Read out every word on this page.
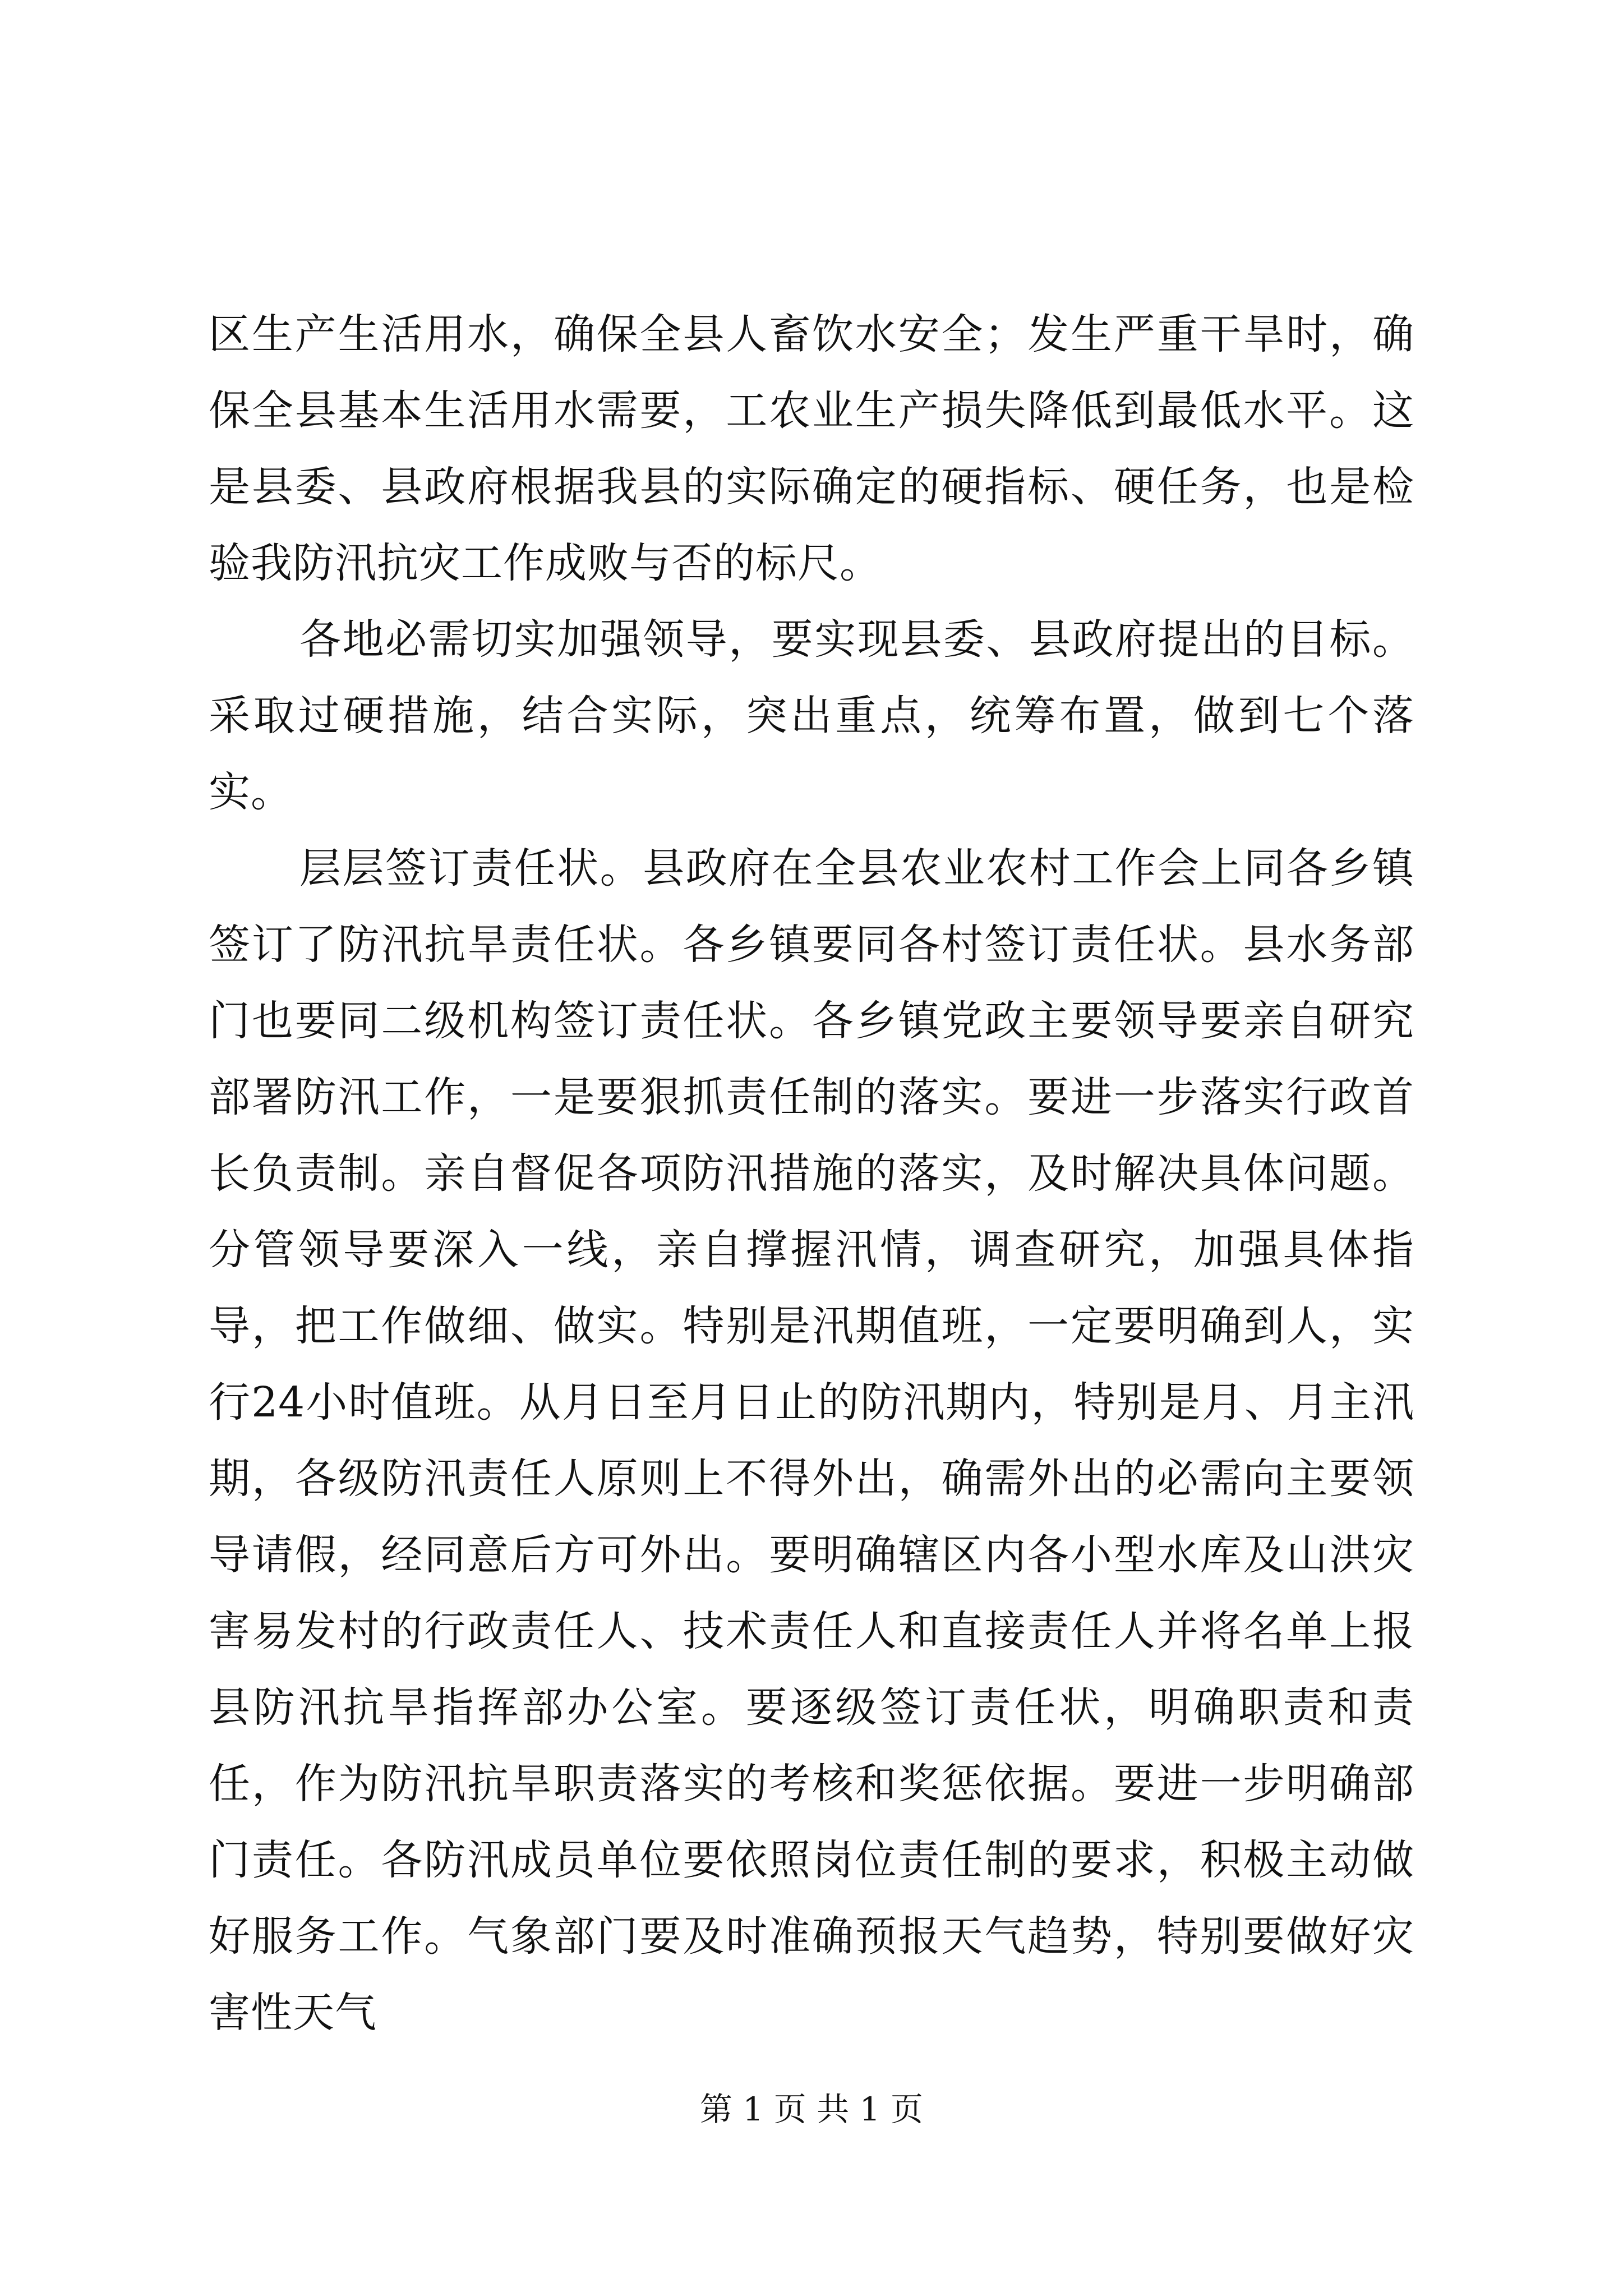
区生产生活用水，确保全县人畜饮水安全；发生严重干旱时，确保全县基本生活用水需要，工农业生产损失降低到最低水平。这是县委、县政府根据我县的实际确定的硬指标、硬任务，也是检验我防汛抗灾工作成败与否的标尺。

各地必需切实加强领导，要实现县委、县政府提出的目标。采取过硬措施，结合实际，突出重点，统筹布置，做到七个落实。

层层签订责任状。县政府在全县农业农村工作会上同各乡镇签订了防汛抗旱责任状。各乡镇要同各村签订责任状。县水务部门也要同二级机构签订责任状。各乡镇党政主要领导要亲自研究部署防汛工作，一是要狠抓责任制的落实。要进一步落实行政首长负责制。亲自督促各项防汛措施的落实，及时解决具体问题。分管领导要深入一线，亲自撑握汛情，调查研究，加强具体指导，把工作做细、做实。特别是汛期值班，一定要明确到人，实行24小时值班。从月日至月日止的防汛期内，特别是月、月主汛期，各级防汛责任人原则上不得外出，确需外出的必需向主要领导请假，经同意后方可外出。要明确辖区内各小型水库及山洪灾害易发村的行政责任人、技术责任人和直接责任人并将名单上报县防汛抗旱指挥部办公室。要逐级签订责任状，明确职责和责任，作为防汛抗旱职责落实的考核和奖惩依据。要进一步明确部门责任。各防汛成员单位要依照岗位责任制的要求，积极主动做好服务工作。气象部门要及时准确预报天气趋势，特别要做好灾害性天气

第 1 页 共 1 页
